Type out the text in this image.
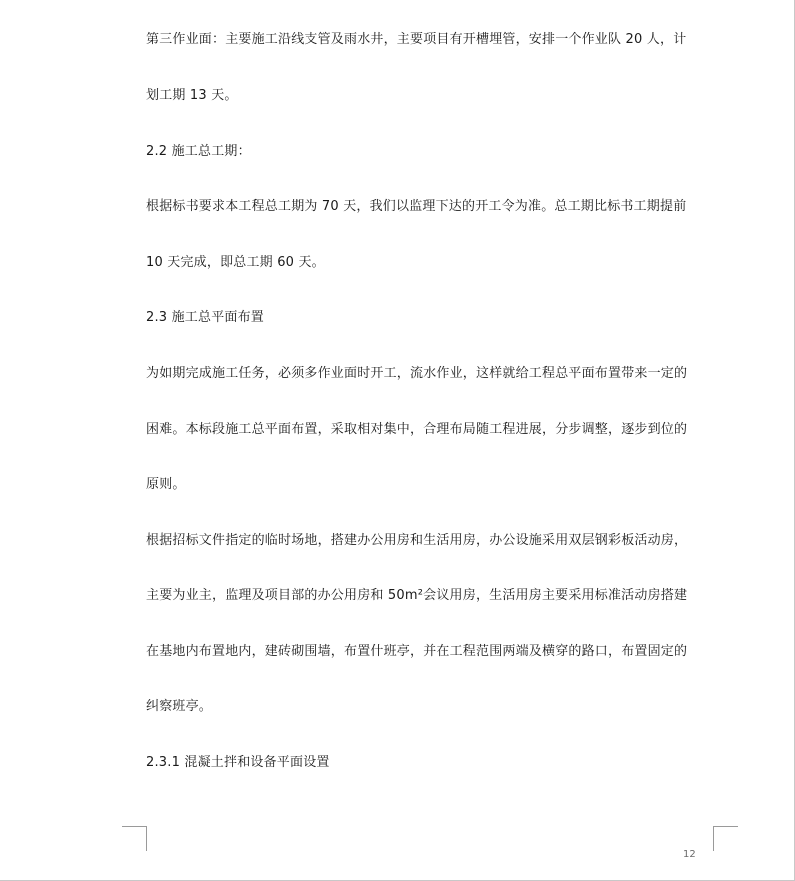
第三作业面：主要施工沿线支管及雨水井，主要项目有开槽埋管，安排一个作业队 20 人，计
划工期 13 天。
2.2 施工总工期：
根据标书要求本工程总工期为 70 天，我们以监理下达的开工令为准。总工期比标书工期提前
10 天完成，即总工期 60 天。
2.3 施工总平面布置
为如期完成施工任务，必须多作业面时开工，流水作业，这样就给工程总平面布置带来一定的
困难。本标段施工总平面布置，采取相对集中，合理布局随工程进展，分步调整，逐步到位的
原则。
根据招标文件指定的临时场地，搭建办公用房和生活用房，办公设施采用双层钢彩板活动房，
主要为业主，监理及项目部的办公用房和 50m²会议用房，生活用房主要采用标准活动房搭建
在基地内布置地内，建砖砌围墙，布置什班亭，并在工程范围两端及横穿的路口，布置固定的
纠察班亭。
2.3.1 混凝土拌和设备平面设置
12
